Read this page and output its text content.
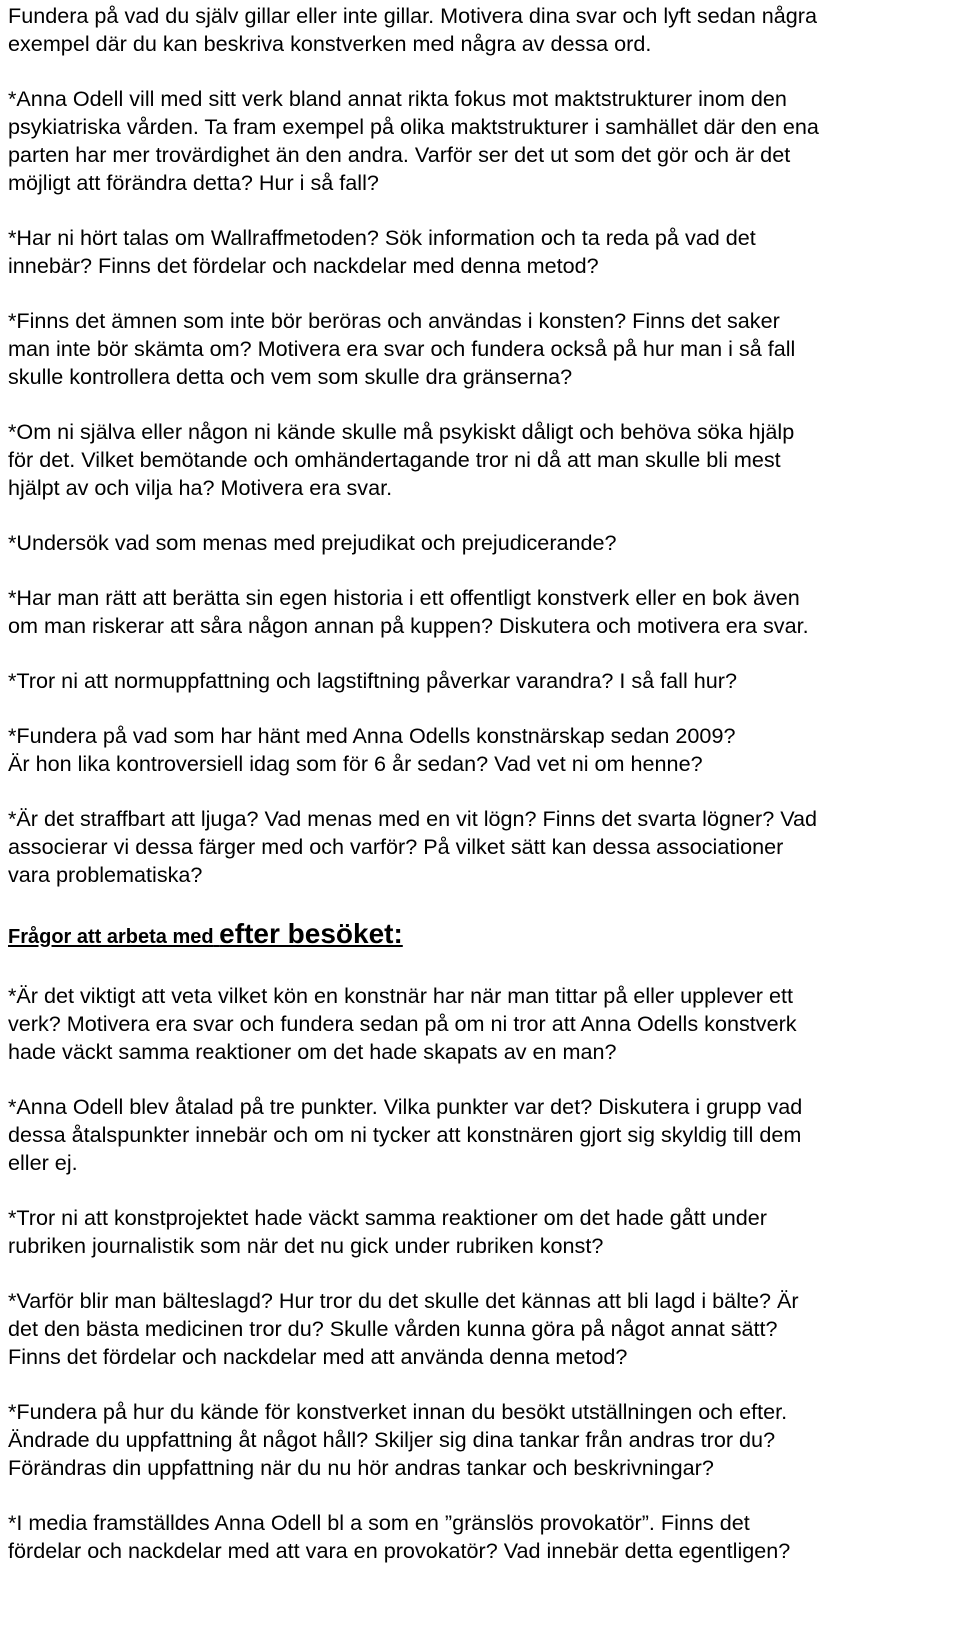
Fundera på vad du själv gillar eller inte gillar. Motivera dina svar och lyft sedan några
exempel där du kan beskriva konstverken med några av dessa ord.

*Anna Odell vill med sitt verk bland annat rikta fokus mot maktstrukturer inom den
psykiatriska vården. Ta fram exempel på olika maktstrukturer i samhället där den ena
parten har mer trovärdighet än den andra. Varför ser det ut som det gör och är det
möjligt att förändra detta? Hur i så fall?

*Har ni hört talas om Wallraffmetoden? Sök information och ta reda på vad det
innebär? Finns det fördelar och nackdelar med denna metod?

*Finns det ämnen som inte bör beröras och användas i konsten? Finns det saker
man inte bör skämta om? Motivera era svar och fundera också på hur man i så fall
skulle kontrollera detta och vem som skulle dra gränserna?

*Om ni själva eller någon ni kände skulle må psykiskt dåligt och behöva söka hjälp
för det. Vilket bemötande och omhändertagande tror ni då att man skulle bli mest
hjälpt av och vilja ha? Motivera era svar.

*Undersök vad som menas med prejudikat och prejudicerande?

*Har man rätt att berätta sin egen historia i ett offentligt konstverk eller en bok även
om man riskerar att såra någon annan på kuppen? Diskutera och motivera era svar.

*Tror ni att normuppfattning och lagstiftning påverkar varandra? I så fall hur?

*Fundera på vad som har hänt med Anna Odells konstnärskap sedan 2009?
Är hon lika kontroversiell idag som för 6 år sedan? Vad vet ni om henne?

*Är det straffbart att ljuga? Vad menas med en vit lögn? Finns det svarta lögner? Vad
associerar vi dessa färger med och varför? På vilket sätt kan dessa associationer
vara problematiska?

Frågor att arbeta med efter besöket:

*Är det viktigt att veta vilket kön en konstnär har när man tittar på eller upplever ett
verk? Motivera era svar och fundera sedan på om ni tror att Anna Odells konstverk
hade väckt samma reaktioner om det hade skapats av en man?

*Anna Odell blev åtalad på tre punkter. Vilka punkter var det? Diskutera i grupp vad
dessa åtalspunkter innebär och om ni tycker att konstnären gjort sig skyldig till dem
eller ej.

*Tror ni att konstprojektet hade väckt samma reaktioner om det hade gått under
rubriken journalistik som när det nu gick under rubriken konst?

*Varför blir man bälteslagd? Hur tror du det skulle det kännas att bli lagd i bälte? Är
det den bästa medicinen tror du? Skulle vården kunna göra på något annat sätt?
Finns det fördelar och nackdelar med att använda denna metod?

*Fundera på hur du kände för konstverket innan du besökt utställningen och efter.
Ändrade du uppfattning åt något håll? Skiljer sig dina tankar från andras tror du?
Förändras din uppfattning när du nu hör andras tankar och beskrivningar?

*I media framställdes Anna Odell bl a som en ”gränslös provokatör”. Finns det
fördelar och nackdelar med att vara en provokatör? Vad innebär detta egentligen?
